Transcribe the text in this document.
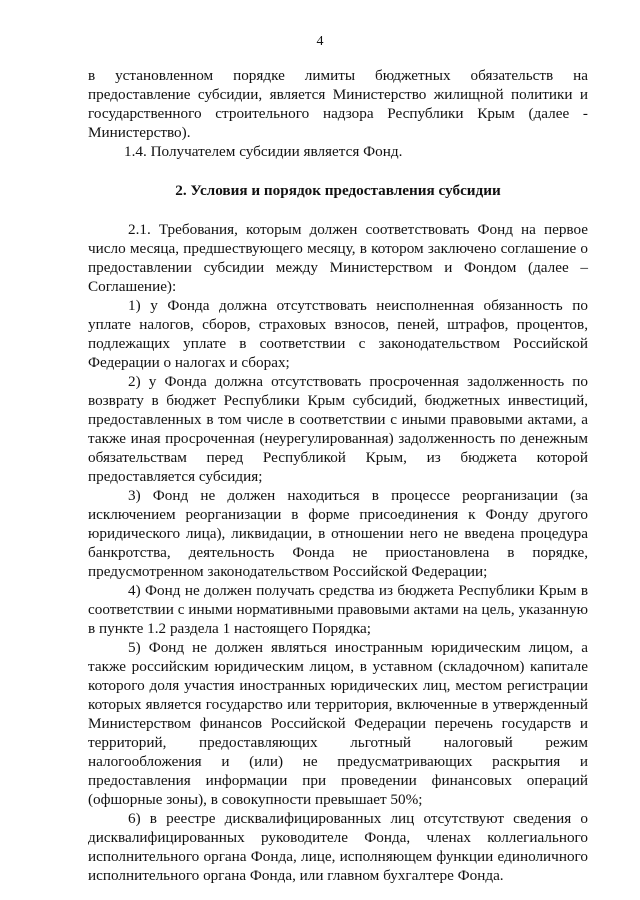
4

в установленном порядке лимиты бюджетных обязательств на предоставление субсидии, является Министерство жилищной политики и государственного строительного надзора Республики Крым (далее - Министерство).

1.4. Получателем субсидии является Фонд.

2. Условия и порядок предоставления субсидии

2.1. Требования, которым должен соответствовать Фонд на первое число месяца, предшествующего месяцу, в котором заключено соглашение о предоставлении субсидии между Министерством и Фондом (далее – Соглашение):

1) у Фонда должна отсутствовать неисполненная обязанность по уплате налогов, сборов, страховых взносов, пеней, штрафов, процентов, подлежащих уплате в соответствии с законодательством Российской Федерации о налогах и сборах;

2) у Фонда должна отсутствовать просроченная задолженность по возврату в бюджет Республики Крым субсидий, бюджетных инвестиций, предоставленных в том числе в соответствии с иными правовыми актами, а также иная просроченная (неурегулированная) задолженность по денежным обязательствам перед Республикой Крым, из бюджета которой предоставляется субсидия;

3) Фонд не должен находиться в процессе реорганизации (за исключением реорганизации в форме присоединения к Фонду другого юридического лица), ликвидации, в отношении него не введена процедура банкротства, деятельность Фонда не приостановлена в порядке, предусмотренном законодательством Российской Федерации;

4) Фонд не должен получать средства из бюджета Республики Крым в соответствии с иными нормативными правовыми актами на цель, указанную в пункте 1.2 раздела 1 настоящего Порядка;

5) Фонд не должен являться иностранным юридическим лицом, а также российским юридическим лицом, в уставном (складочном) капитале которого доля участия иностранных юридических лиц, местом регистрации которых является государство или территория, включенные в утвержденный Министерством финансов Российской Федерации перечень государств и территорий, предоставляющих льготный налоговый режим налогообложения и (или) не предусматривающих раскрытия и предоставления информации при проведении финансовых операций (офшорные зоны), в совокупности превышает 50%;

6) в реестре дисквалифицированных лиц отсутствуют сведения о дисквалифицированных руководителе Фонда, членах коллегиального исполнительного органа Фонда, лице, исполняющем функции единоличного исполнительного органа Фонда, или главном бухгалтере Фонда.
